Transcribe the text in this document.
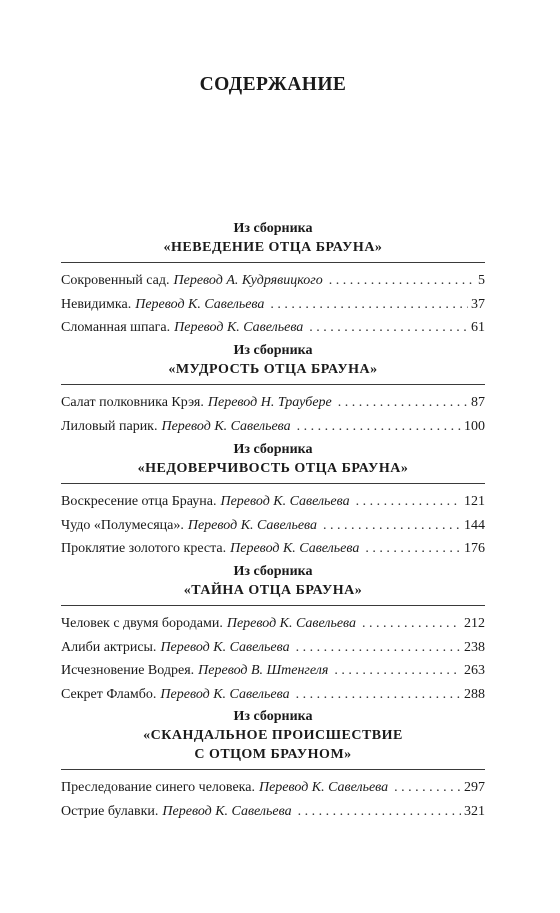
СОДЕРЖАНИЕ
Из сборника
«НЕВЕДЕНИЕ ОТЦА БРАУНА»
Сокровенный сад. Перевод А. Кудрявицкого . . .	5
Невидимка. Перевод К. Савельева . . .	37
Сломанная шпага. Перевод К. Савельева . . .	61
Из сборника
«МУДРОСТЬ ОТЦА БРАУНА»
Салат полковника Крэя. Перевод Н. Траубере . . .	87
Лиловый парик. Перевод К. Савельева . . .	100
Из сборника
«НЕДОВЕРЧИВОСТЬ ОТЦА БРАУНА»
Воскресение отца Брауна. Перевод К. Савельева . . .	121
Чудо «Полумесяца». Перевод К. Савельева . . .	144
Проклятие золотого креста. Перевод К. Савельева . . .	176
Из сборника
«ТАЙНА ОТЦА БРАУНА»
Человек с двумя бородами. Перевод К. Савельева . . .	212
Алиби актрисы. Перевод К. Савельева . . .	238
Исчезновение Водрея. Перевод В. Штенгеля . . .	263
Секрет Фламбо. Перевод К. Савельева . . .	288
Из сборника
«СКАНДАЛЬНОЕ ПРОИСШЕСТВИЕ
С ОТЦОМ БРАУНОМ»
Преследование синего человека. Перевод К. Савельева . . .	297
Острие булавки. Перевод К. Савельева . . .	321
